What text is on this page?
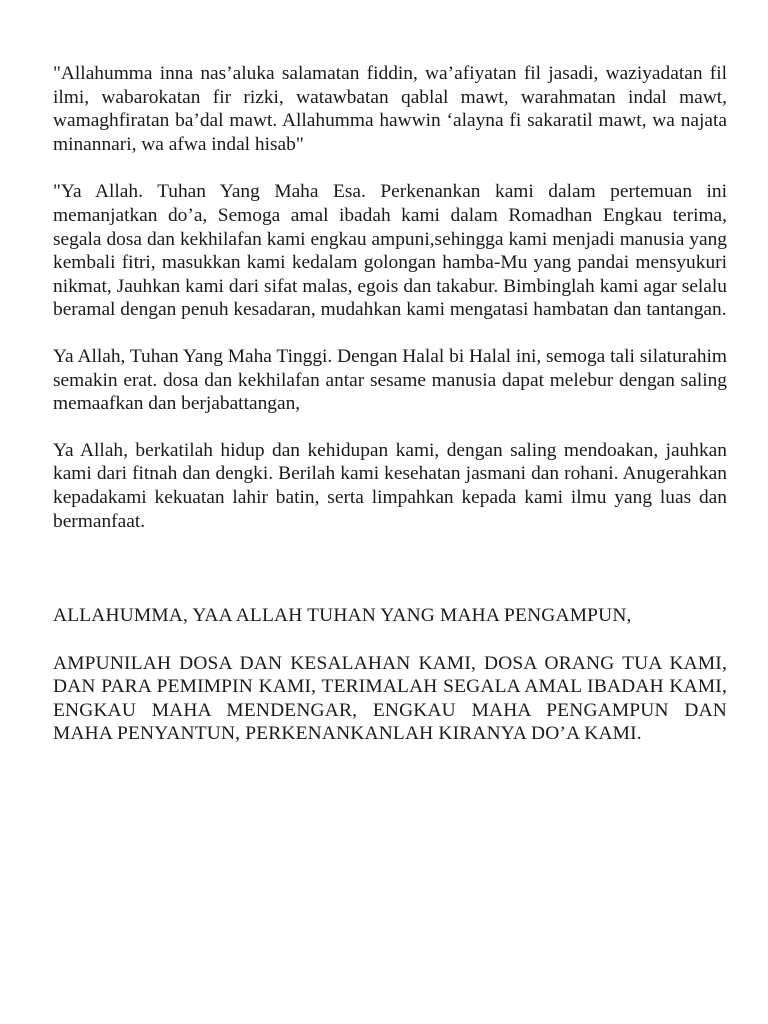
"Allahumma inna nas’aluka salamatan fiddin, wa’afiyatan fil jasadi, waziyadatan fil ilmi, wabarokatan fir rizki, watawbatan qablal mawt, warahmatan indal mawt, wamaghfiratan ba’dal mawt. Allahumma hawwin ‘alayna fi sakaratil mawt, wa najata minannari, wa afwa indal hisab"

"Ya Allah. Tuhan Yang Maha Esa. Perkenankan kami dalam pertemuan ini memanjatkan do’a, Semoga amal ibadah kami dalam Romadhan Engkau terima, segala dosa dan kekhilafan kami engkau ampuni,sehingga kami menjadi manusia yang kembali fitri, masukkan kami kedalam golongan hamba-Mu yang pandai mensyukuri nikmat, Jauhkan kami dari sifat malas, egois dan takabur. Bimbinglah kami agar selalu beramal dengan penuh kesadaran, mudahkan kami mengatasi hambatan dan tantangan.

Ya Allah, Tuhan Yang Maha Tinggi. Dengan Halal bi Halal ini, semoga tali silaturahim semakin erat. dosa dan kekhilafan antar sesame manusia dapat melebur dengan saling memaafkan dan berjabattangan,

Ya Allah, berkatilah hidup dan kehidupan kami, dengan saling mendoakan, jauhkan kami dari fitnah dan dengki. Berilah kami kesehatan jasmani dan rohani. Anugerahkan kepadakami kekuatan lahir batin, serta limpahkan kepada kami ilmu yang luas dan bermanfaat.

ALLAHUMMA, YAA ALLAH TUHAN YANG MAHA PENGAMPUN,

AMPUNILAH DOSA DAN KESALAHAN KAMI, DOSA ORANG TUA KAMI, DAN PARA PEMIMPIN KAMI, TERIMALAH SEGALA AMAL IBADAH KAMI, ENGKAU MAHA MENDENGAR, ENGKAU MAHA PENGAMPUN DAN MAHA PENYANTUN, PERKENANKANLAH KIRANYA DO’A KAMI.
